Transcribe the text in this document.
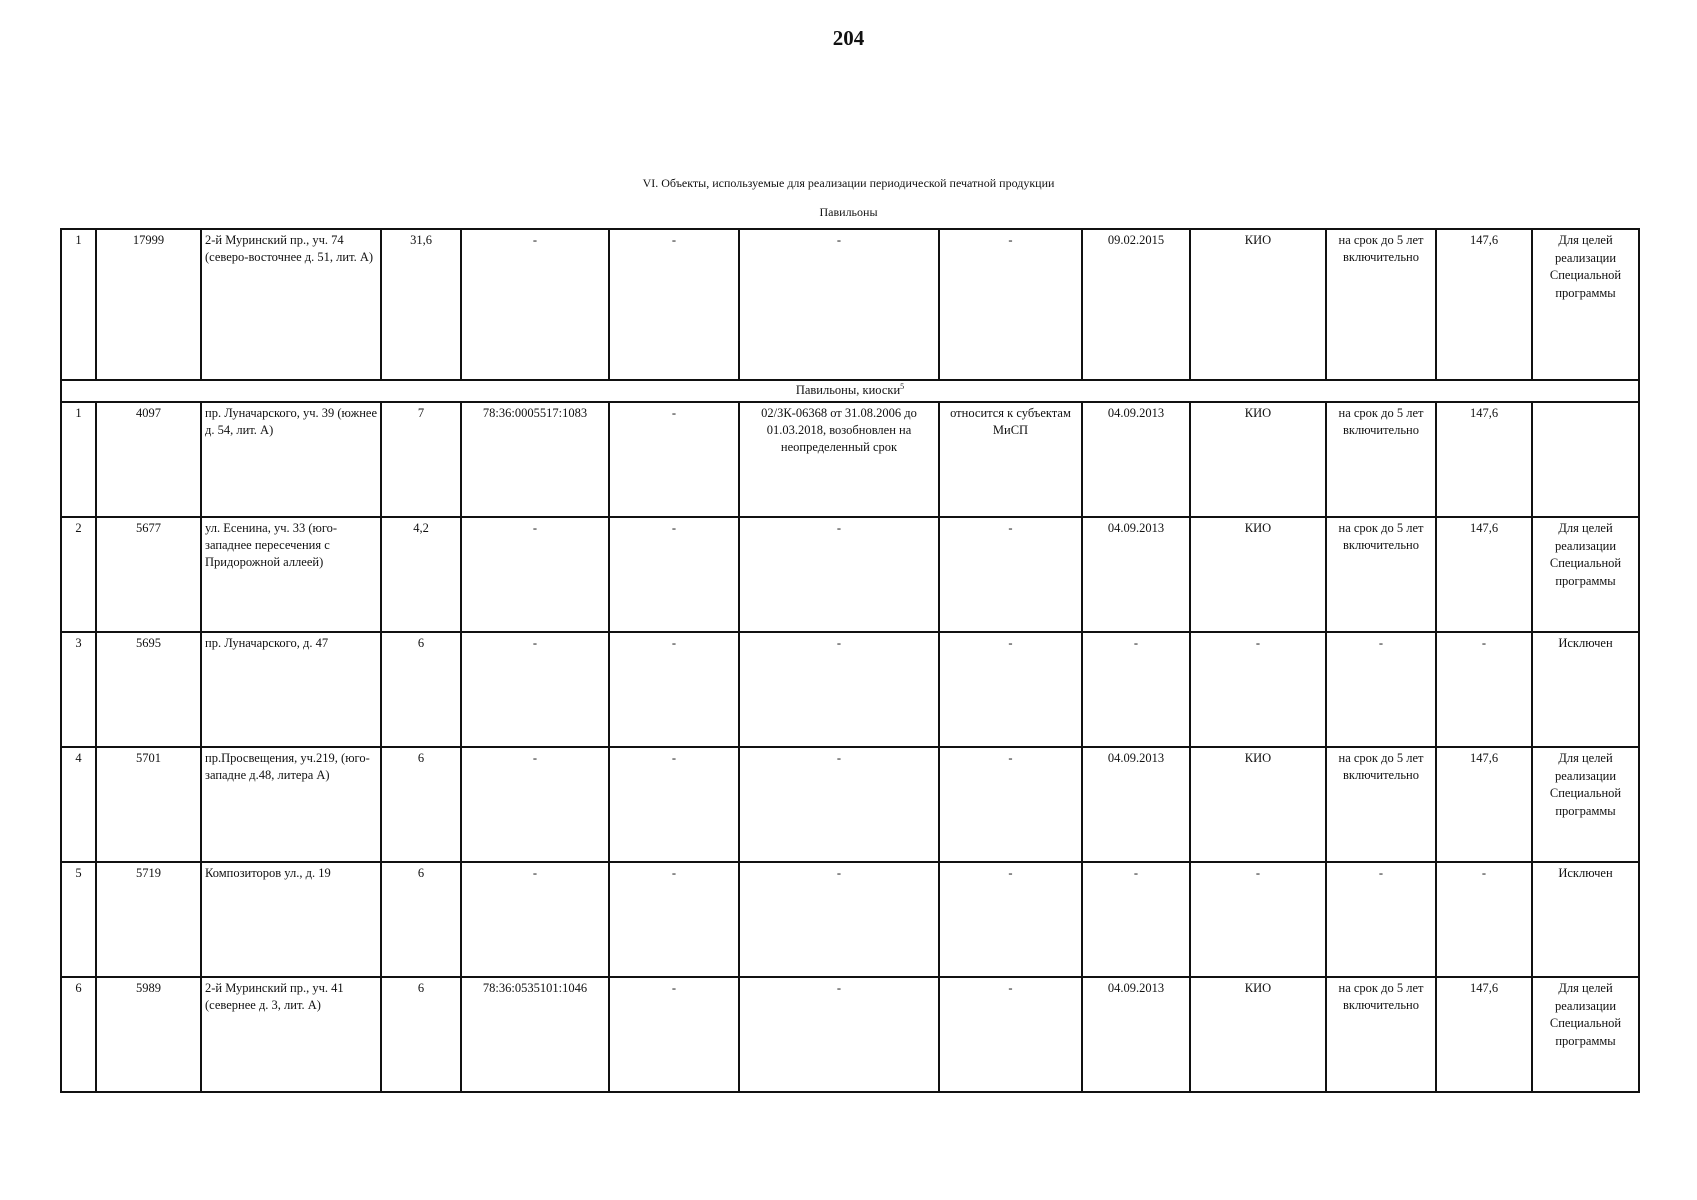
204
VI. Объекты, используемые для реализации периодической печатной продукции
Павильоны
1	17999	2-й Муринский пр., уч. 74 (северо-восточнее д. 51, лит. А)	31,6	-	-	-	-	09.02.2015	КИО	на срок до 5 лет включительно	147,6	Для целей реализации Специальной программы
Павильоны, киоски$^5$
1	4097	пр. Луначарского, уч. 39 (южнее д. 54, лит. А)	7	78:36:0005517:1083	-	02/ЗК-06368 от 31.08.2006 до 01.03.2018, возобновлен на неопределенный срок	относится к субъектам МиСП	04.09.2013	КИО	на срок до 5 лет включительно	147,6	
2	5677	ул. Есенина, уч. 33 (юго-западнее пересечения с Придорожной аллеей)	4,2	-	-	-	-	04.09.2013	КИО	на срок до 5 лет включительно	147,6	Для целей реализации Специальной программы
3	5695	пр. Луначарского, д. 47	6	-	-	-	-	-	-	-	-	Исключен
4	5701	пр.Просвещения, уч.219, (юго-западне д.48, литера А)	6	-	-	-	-	04.09.2013	КИО	на срок до 5 лет включительно	147,6	Для целей реализации Специальной программы
5	5719	Композиторов ул., д. 19	6	-	-	-	-	-	-	-	-	Исключен
6	5989	2-й Муринский пр., уч. 41 (севернее д. 3, лит. А)	6	78:36:0535101:1046	-	-	-	04.09.2013	КИО	на срок до 5 лет включительно	147,6	Для целей реализации Специальной программы
